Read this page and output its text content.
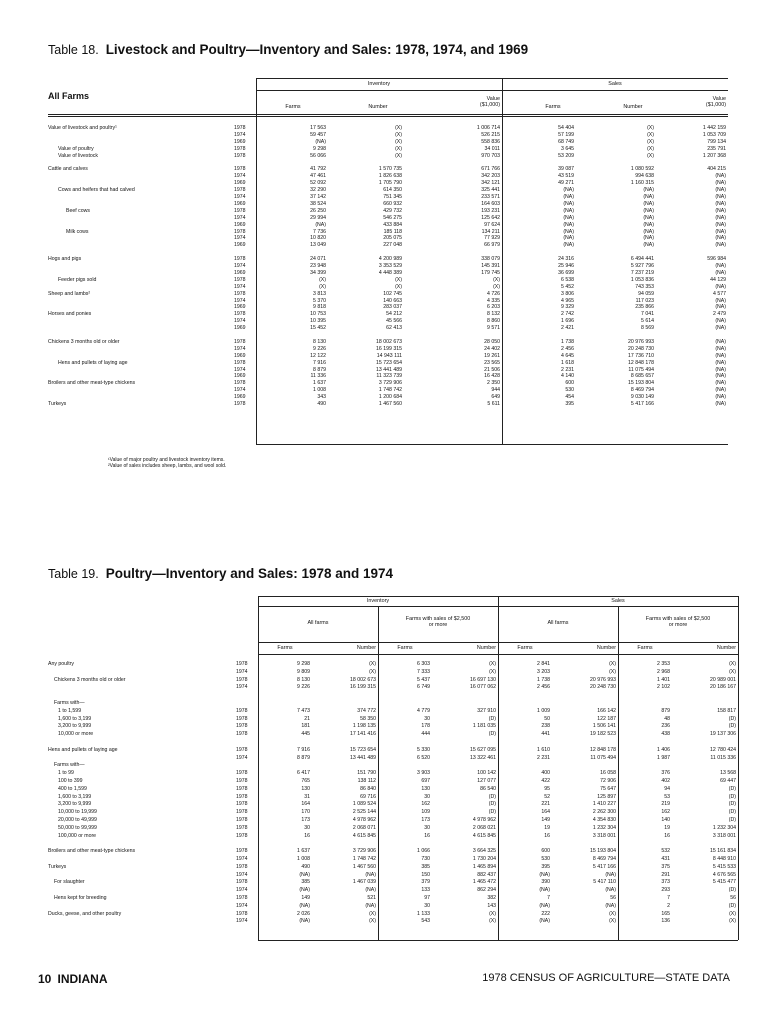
Table 18. Livestock and Poultry—Inventory and Sales: 1978, 1974, and 1969
All Farms
Inventory	Sales
Farms	Number
Value
($1,000)	Farms	Number
Value
($1,000)
Value of livestock and poultry¹	1978	17 563	(X)	1 006 714	54 404	(X)	1 442 159
1974	59 457	(X)	526 215	57 199	(X)	1 053 709
1969	(NA)	(X)	558 836	68 749	(X)	799 134
Value of poultry	1978	9 298	(X)	34 011	3 645	(X)	235 791
Value of livestock	1978	56 066	(X)	970 703	53 209	(X)	1 207 368
Cattle and calves	1978	41 792	1 570 735	671 766	39 087	1 080 592	404 215
1974	47 461	1 826 638	342 203	43 519	994 638	(NA)
1969	52 092	1 705 790	342 121	49 271	1 160 315	(NA)
Cows and heifers that had calved	1978	32 290	614 350	325 441	(NA)	(NA)	(NA)
1974	37 142	751 345	233 571	(NA)	(NA)	(NA)
1969	38 524	660 932	164 603	(NA)	(NA)	(NA)
Beef cows	1978	26 250	429 732	193 231	(NA)	(NA)	(NA)
1974	29 994	546 275	125 642	(NA)	(NA)	(NA)
1969	(NA)	433 884	97 624	(NA)	(NA)	(NA)
Milk cows	1978	7 736	185 118	134 211	(NA)	(NA)	(NA)
1974	10 820	205 075	77 929	(NA)	(NA)	(NA)
1969	13 049	227 048	66 979	(NA)	(NA)	(NA)
Hogs and pigs	1978	24 071	4 200 989	338 079	24 316	6 494 441	596 984
1974	23 948	3 353 529	145 391	25 946	5 927 796	(NA)
1969	34 399	4 448 389	179 745	36 699	7 237 219	(NA)
Feeder pigs sold	1978	(X)	(X)	(X)	6 538	1 053 836	44 129
1974	(X)	(X)	(X)	5 452	743 353	(NA)
Sheep and lambs²	1978	3 813	102 745	4 726	3 806	94 059	4 577
1974	5 370	140 663	4 335	4 965	117 023	(NA)
1969	9 818	283 037	6 203	9 329	235 866	(NA)
Horses and ponies	1978	10 753	54 212	8 132	2 742	7 041	2 479
1974	10 395	45 566	8 860	1 696	5 614	(NA)
1969	15 452	62 413	9 571	2 421	8 569	(NA)
Chickens 3 months old or older	1978	8 130	18 002 673	28 050	1 738	20 976 993	(NA)
1974	9 226	16 199 315	24 402	2 456	20 248 730	(NA)
1969	12 122	14 943 111	19 261	4 645	17 736 710	(NA)
Hens and pullets of laying age	1978	7 916	15 723 654	23 565	1 618	12 848 178	(NA)
1974	8 879	13 441 489	21 506	2 231	11 075 494	(NA)
1969	11 336	11 323 739	16 428	4 140	8 685 657	(NA)
Broilers and other meat-type chickens	1978	1 637	3 729 906	2 350	600	15 193 804	(NA)
1974	1 008	1 748 742	944	530	8 469 794	(NA)
1969	343	1 200 684	649	454	9 030 149	(NA)
Turkeys	1978	490	1 467 560	5 611	395	5 417 166	(NA)
¹Value of major poultry and livestock inventory items.
²Value of sales includes sheep, lambs, and wool sold.
Table 19. Poultry—Inventory and Sales: 1978 and 1974
Inventory	Sales
All farms
Farms with sales of $2,500
or more	All farms
Farms with sales of $2,500
or more
Farms	Number	Farms	Number	Farms	Number	Farms	Number
Any poultry	1978	9 298	(X)	6 303	(X)	2 841	(X)	2 353	(X)
1974	9 809	(X)	7 333	(X)	3 203	(X)	2 968	(X)
Chickens 3 months old or older	1978	8 130	18 002 673	5 437	16 697 130	1 738	20 976 993	1 401	20 989 001
1974	9 226	16 199 315	6 749	16 077 062	2 456	20 248 730	2 102	20 186 167
Farms with—
1 to 1,599	1978	7 473	374 772	4 779	327 910	1 009	166 142	879	158 817
1,600 to 3,199	1978	21	58 350	30	(D)	50	122 187	48	(D)
3,200 to 9,999	1978	181	1 198 135	178	1 181 035	238	1 506 141	236	(D)
10,000 or more	1978	445	17 141 416	444	(D)	441	19 182 523	438	19 137 306
Hens and pullets of laying age	1978	7 916	15 723 654	5 330	15 627 095	1 610	12 848 178	1 406	12 780 424
1974	8 879	13 441 489	6 520	13 322 461	2 231	11 075 494	1 987	11 015 336
Farms with—
1 to 99	1978	6 417	151 790	3 903	100 142	400	16 058	376	13 568
100 to 399	1978	765	138 112	697	127 077	422	72 906	402	69 447
400 to 1,599	1978	130	86 840	130	86 540	95	75 647	94	(D)
1,600 to 3,199	1978	31	69 716	30	(D)	52	125 897	53	(D)
3,200 to 9,999	1978	164	1 089 524	162	(D)	221	1 410 227	219	(D)
10,000 to 19,999	1978	170	2 525 144	109	(D)	164	2 262 300	162	(D)
20,000 to 49,999	1978	173	4 978 962	173	4 978 962	149	4 354 830	140	(D)
50,000 to 99,999	1978	30	2 068 071	30	2 068 021	19	1 232 304	19	1 232 304
100,000 or more	1978	16	4 615 845	16	4 615 845	16	3 318 001	16	3 318 001
Broilers and other meat-type chickens	1978	1 637	3 729 906	1 066	3 664 325	600	15 193 804	532	15 161 834
1974	1 008	1 748 742	730	1 730 204	530	8 469 794	431	8 448 910
Turkeys	1978	490	1 467 560	385	1 465 894	395	5 417 166	375	5 415 533
1974	(NA)	(NA)	150	882 437	(NA)	(NA)	291	4 676 565
For slaughter	1978	385	1 467 039	379	1 465 472	390	5 417 110	373	5 415 477
1974	(NA)	(NA)	133	862 294	(NA)	(NA)	293	(D)
Hens kept for breeding	1978	149	521	97	382	7	56	7	56
1974	(NA)	(NA)	30	143	(NA)	(NA)	2	(D)
Ducks, geese, and other poultry	1978	2 026	(X)	1 133	(X)	222	(X)	165	(X)
1974	(NA)	(X)	543	(X)	(NA)	(X)	136	(X)
10 INDIANA	1978 CENSUS OF AGRICULTURE—STATE DATA
